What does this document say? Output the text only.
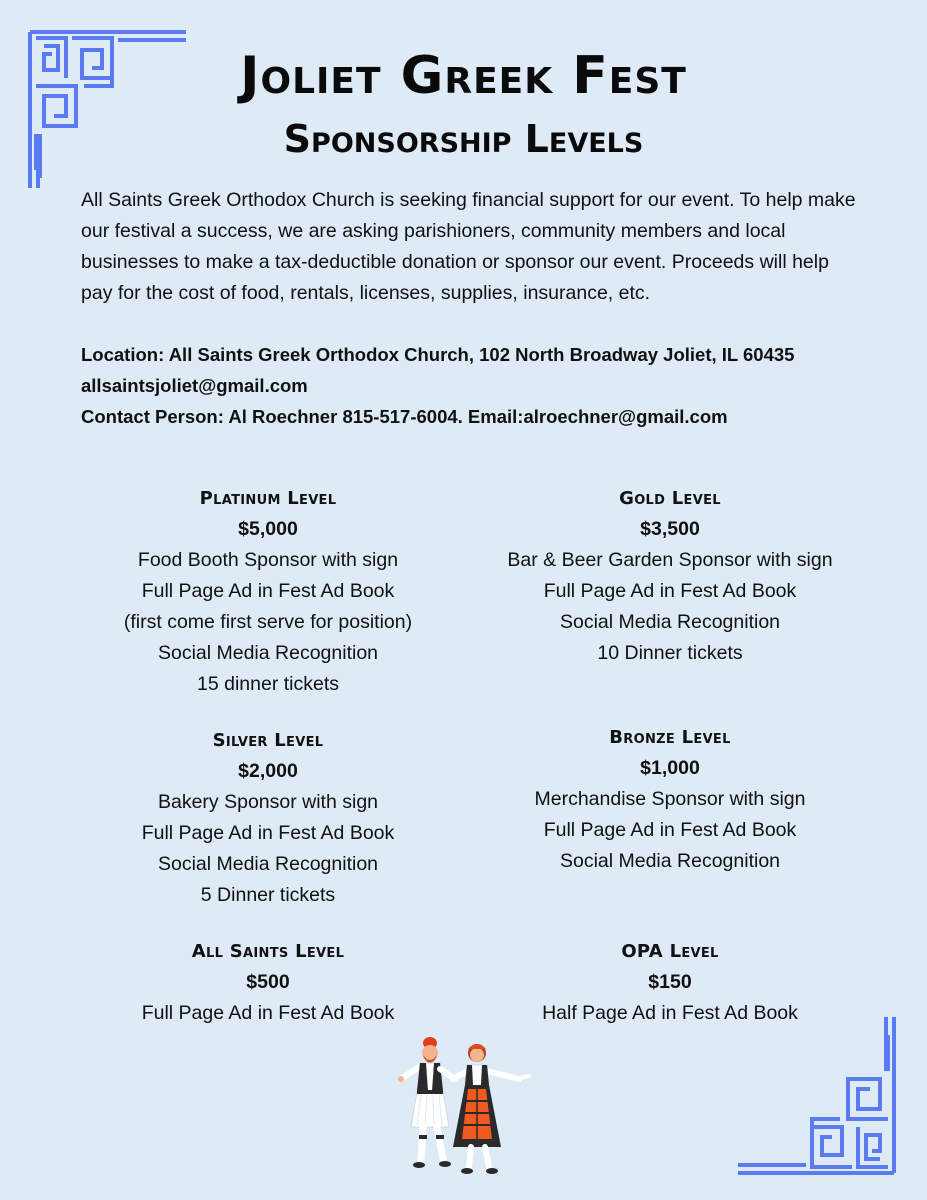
Joliet Greek Fest
Sponsorship Levels
All Saints Greek Orthodox Church is seeking financial support for our event. To help make our festival a success, we are asking parishioners, community members and local businesses to make a tax-deductible donation or sponsor our event. Proceeds will help pay for the cost of food, rentals, licenses, supplies, insurance, etc.
Location: All Saints Greek Orthodox Church, 102 North Broadway Joliet, IL 60435
allsaintsjoliet@gmail.com
Contact Person: Al Roechner 815-517-6004. Email:alroechner@gmail.com
Platinum Level
$5,000
Food Booth Sponsor with sign
Full Page Ad in Fest Ad Book
(first come first serve for position)
Social Media Recognition
15 dinner tickets
Gold Level
$3,500
Bar & Beer Garden Sponsor with sign
Full Page Ad in Fest Ad Book
Social Media Recognition
10 Dinner tickets
Silver Level
$2,000
Bakery Sponsor with sign
Full Page Ad in Fest Ad Book
Social Media Recognition
5 Dinner tickets
Bronze Level
$1,000
Merchandise Sponsor with sign
Full Page Ad in Fest Ad Book
Social Media Recognition
All Saints Level
$500
Full Page Ad in Fest Ad Book
OPA Level
$150
Half Page Ad in Fest Ad Book
